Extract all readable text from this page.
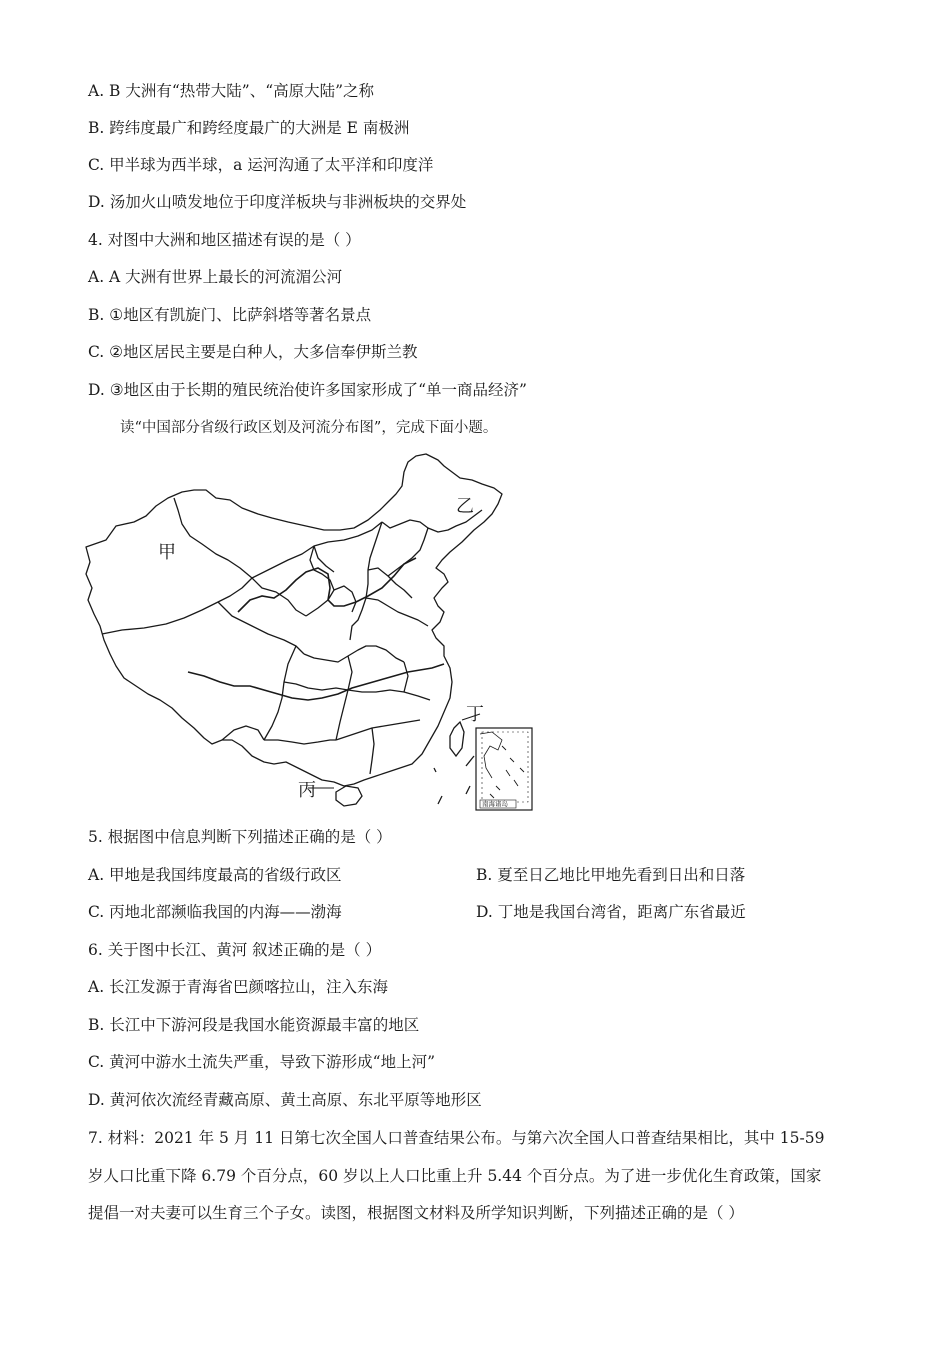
A. B 大洲有“热带大陆”、“高原大陆”之称
B. 跨纬度最广和跨经度最广的大洲是 E 南极洲
C. 甲半球为西半球，a 运河沟通了太平洋和印度洋
D. 汤加火山喷发地位于印度洋板块与非洲板块的交界处
4. 对图中大洲和地区描述有误的是（ ）
A. A 大洲有世界上最长的河流湄公河
B. ①地区有凯旋门、比萨斜塔等著名景点
C. ②地区居民主要是白种人，大多信奉伊斯兰教
D. ③地区由于长期的殖民统治使许多国家形成了“单一商品经济”
读“中国部分省级行政区划及河流分布图”，完成下面小题。
甲
乙
丙
丁
南海诸岛
5. 根据图中信息判断下列描述正确的是（ ）
A. 甲地是我国纬度最高的省级行政区	B. 夏至日乙地比甲地先看到日出和日落
C. 丙地北部濒临我国的内海——渤海	D. 丁地是我国台湾省，距离广东省最近
6. 关于图中长江、黄河 叙述正确的是（ ）
A. 长江发源于青海省巴颜喀拉山，注入东海
B. 长江中下游河段是我国水能资源最丰富的地区
C. 黄河中游水土流失严重，导致下游形成“地上河”
D. 黄河依次流经青藏高原、黄土高原、东北平原等地形区
7. 材料：2021 年 5 月 11 日第七次全国人口普查结果公布。与第六次全国人口普查结果相比，其中 15-59
岁人口比重下降 6.79 个百分点，60 岁以上人口比重上升 5.44 个百分点。为了进一步优化生育政策，国家
提倡一对夫妻可以生育三个子女。读图，根据图文材料及所学知识判断，下列描述正确的是（ ）
